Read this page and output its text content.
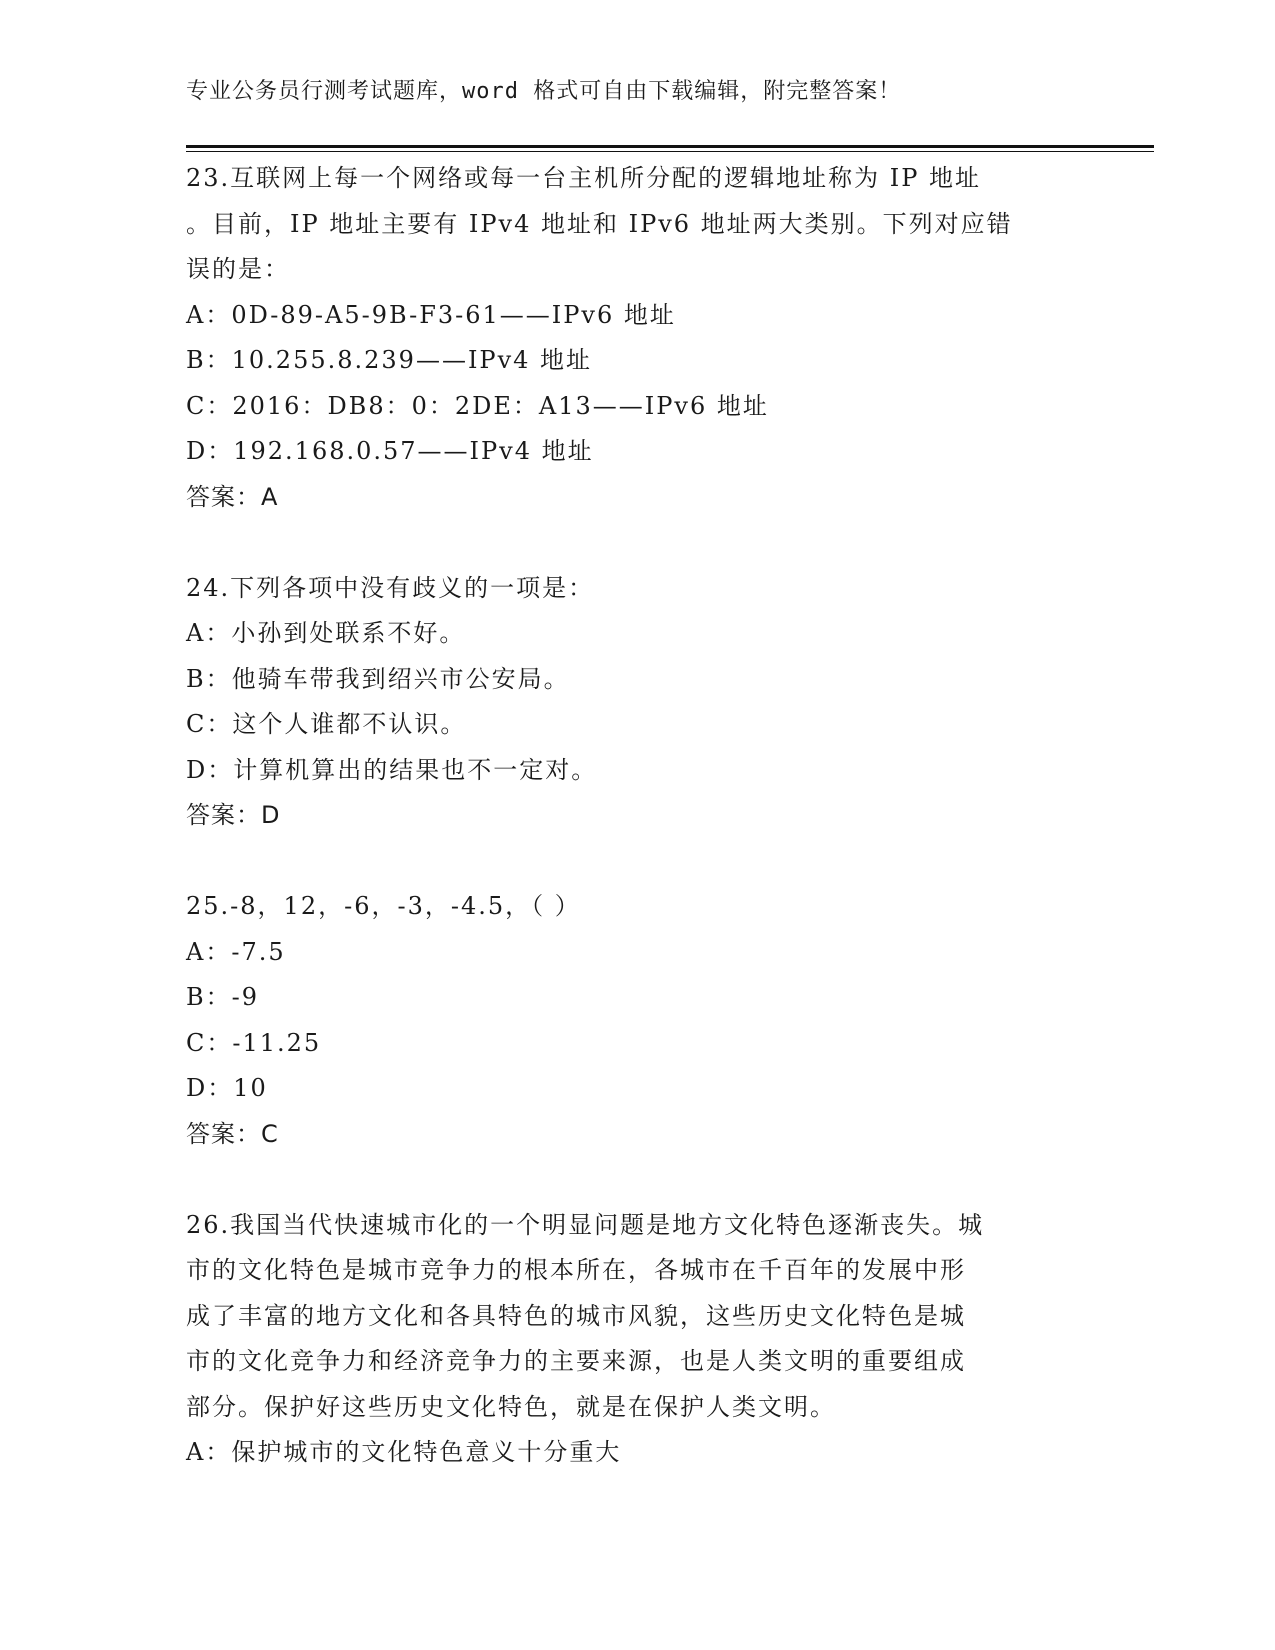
专业公务员行测考试题库，word 格式可自由下载编辑，附完整答案！
23.互联网上每一个网络或每一台主机所分配的逻辑地址称为 IP 地址
。目前，IP 地址主要有 IPv4 地址和 IPv6 地址两大类别。下列对应错
误的是：
A：0D-89-A5-9B-F3-61——IPv6 地址
B：10.255.8.239——IPv4 地址
C：2016：DB8：0：2DE：A13——IPv6 地址
D：192.168.0.57——IPv4 地址
答案：A
24.下列各项中没有歧义的一项是：
A：小孙到处联系不好。
B：他骑车带我到绍兴市公安局。
C：这个人谁都不认识。
D：计算机算出的结果也不一定对。
答案：D
25.-8，12，-6，-3，-4.5，（ ）
A：-7.5
B：-9
C：-11.25
D：10
答案：C
26.我国当代快速城市化的一个明显问题是地方文化特色逐渐丧失。城
市的文化特色是城市竞争力的根本所在，各城市在千百年的发展中形
成了丰富的地方文化和各具特色的城市风貌，这些历史文化特色是城
市的文化竞争力和经济竞争力的主要来源，也是人类文明的重要组成
部分。保护好这些历史文化特色，就是在保护人类文明。
A：保护城市的文化特色意义十分重大
